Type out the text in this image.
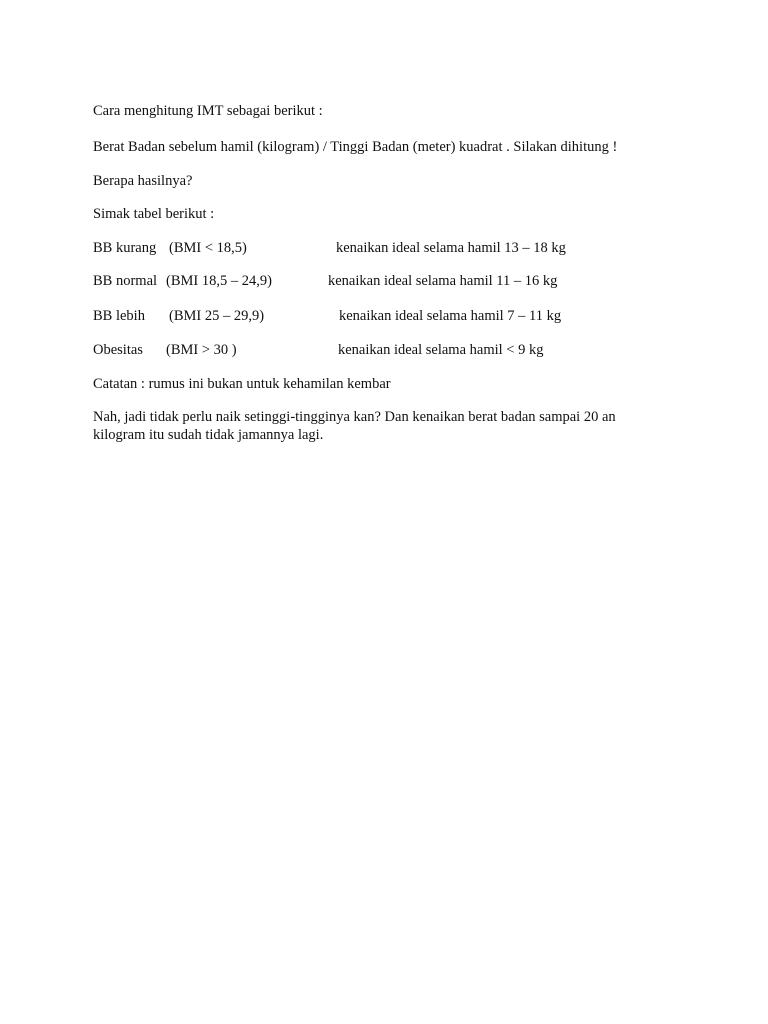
Cara menghitung IMT sebagai berikut :
Berat Badan sebelum hamil (kilogram) / Tinggi Badan (meter) kuadrat . Silakan dihitung !
Berapa hasilnya?
Simak tabel berikut :
BB kurang (BMI < 18,5)	kenaikan ideal selama hamil 13 – 18 kg
BB normal (BMI 18,5 – 24,9)	kenaikan ideal selama hamil 11 – 16 kg
BB lebih (BMI 25 – 29,9)	kenaikan ideal selama hamil 7 – 11 kg
Obesitas (BMI > 30 )	kenaikan ideal selama hamil < 9 kg
Catatan : rumus ini bukan untuk kehamilan kembar
Nah, jadi tidak perlu naik setinggi-tingginya kan? Dan kenaikan berat badan sampai 20 an
kilogram itu sudah tidak jamannya lagi.
